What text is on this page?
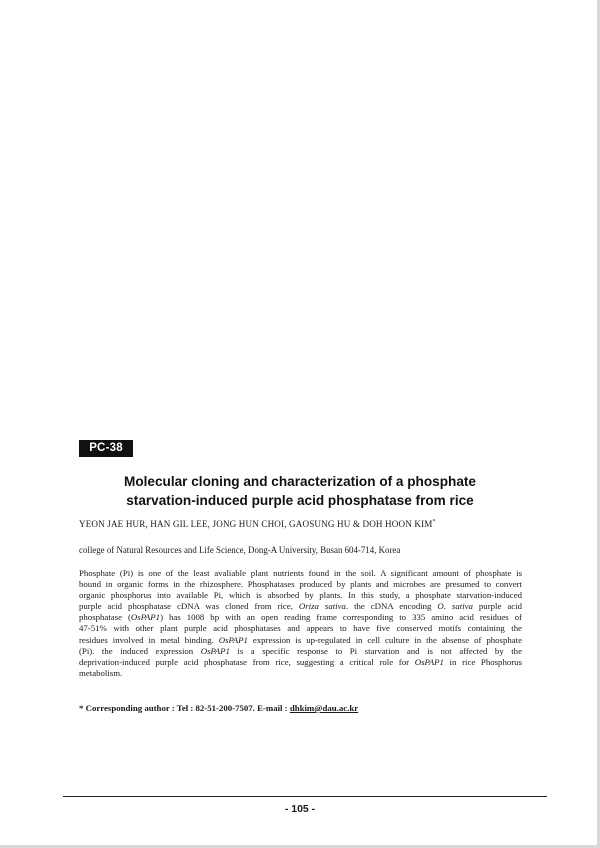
PC-38
Molecular cloning and characterization of a phosphate
starvation-induced purple acid phosphatase from rice
YEON JAE HUR, HAN GIL LEE, JONG HUN CHOI, GAOSUNG HU & DOH HOON KIM*
college of Natural Resources and Life Science, Dong-A University, Busan 604-714, Korea
Phosphate (Pi) is one of the least avaliable plant nutrients found in the soil. A significant amount of phosphate is
bound in organic forms in the rhizosphere. Phosphatases produced by plants and microbes are presumed to convert
organic phosphorus into available Pi, which is absorbed by plants. In this study, a phosphate starvation-induced
purple acid phosphatase cDNA was cloned from rice, Oriza sativa. the cDNA encoding O. sativa purple acid
phosphatase (OsPAP1) has 1008 bp with an open reading frame corresponding to 335 amino acid residues of
47-51% with other plant purple acid phosphatases and appears to have five conserved motifs containing the
residues involved in metal binding. OsPAP1 expression is up-regulated in cell culture in the absense of phosphate
(Pi). the induced expression OsPAP1 is a specific response to Pi starvation and is not affected by the
deprivation-induced purple acid phosphatase from rice, suggesting a critical role for OsPAP1 in rice Phosphorus
metabolism.
* Corresponding author : Tel : 82-51-200-7507. E-mail : dhkim@dau.ac.kr
- 105 -
